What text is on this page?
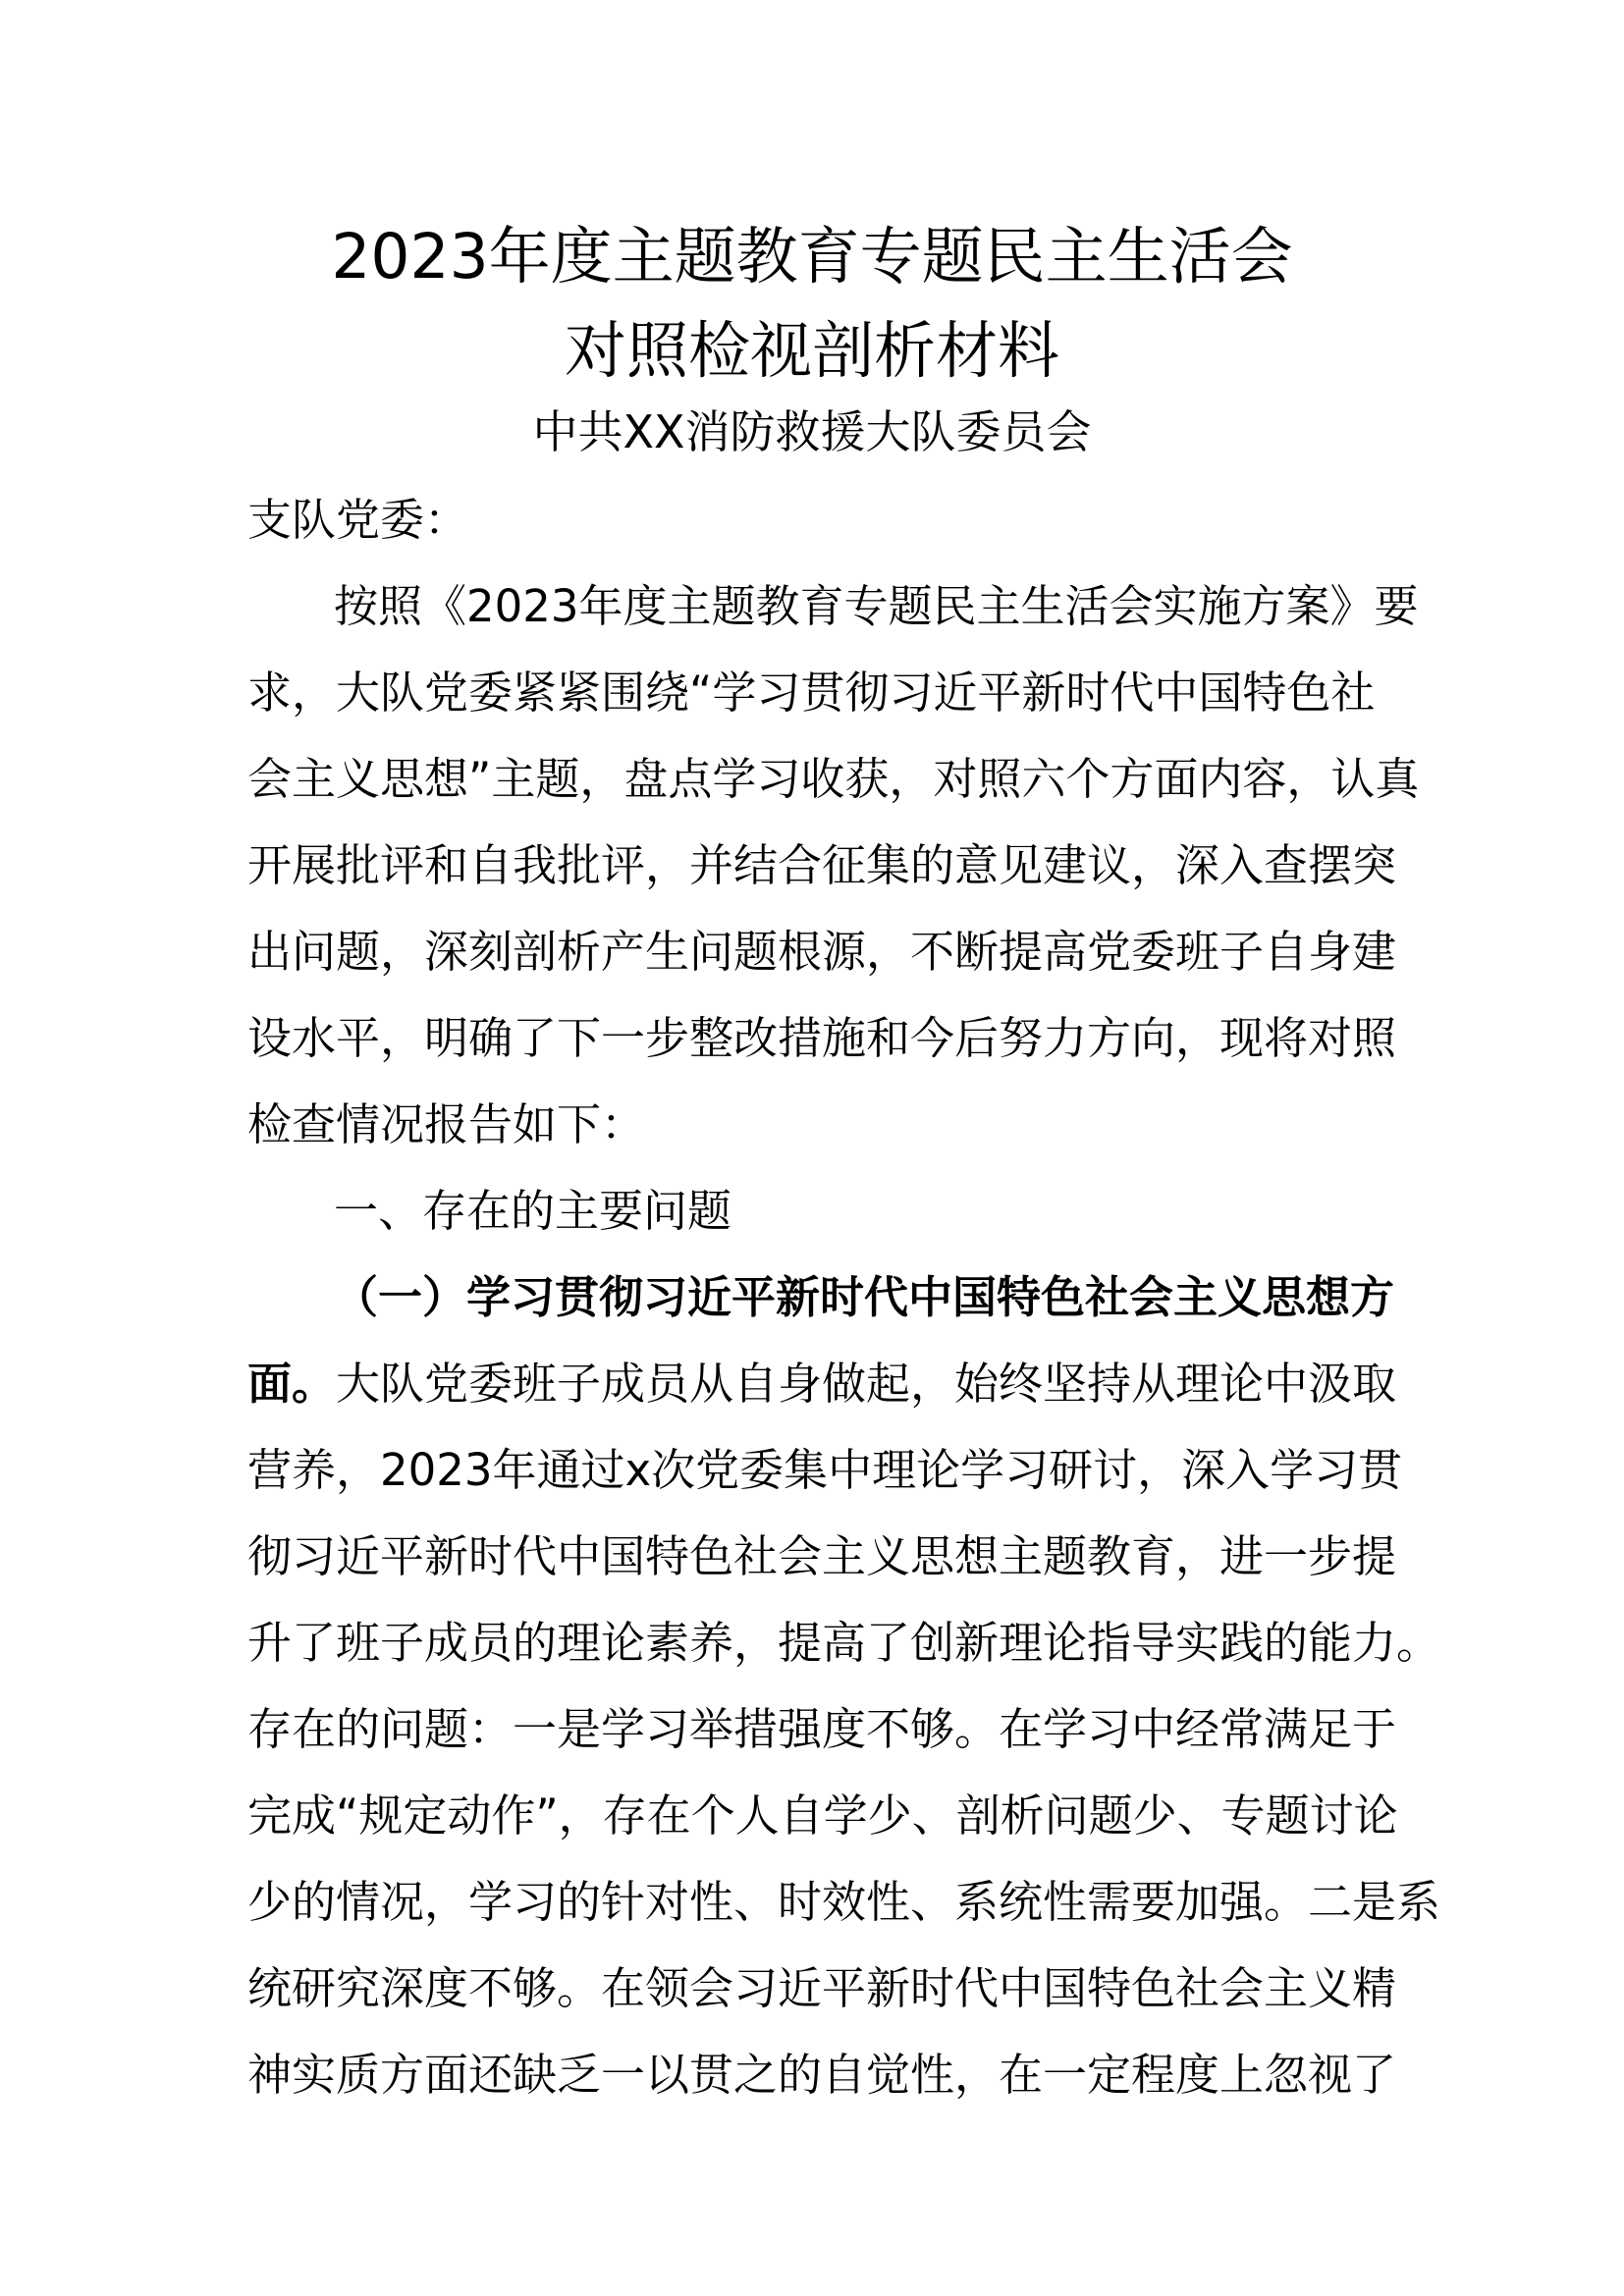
2023年度主题教育专题民主生活会
对照检视剖析材料
中共XX消防救援大队委员会
支队党委：
按照《2023年度主题教育专题民主生活会实施方案》要
求，大队党委紧紧围绕“学习贯彻习近平新时代中国特色社
会主义思想”主题，盘点学习收获，对照六个方面内容，认真
开展批评和自我批评，并结合征集的意见建议，深入查摆突
出问题，深刻剖析产生问题根源，不断提高党委班子自身建
设水平，明确了下一步整改措施和今后努力方向，现将对照
检查情况报告如下：
一、存在的主要问题
（一）学习贯彻习近平新时代中国特色社会主义思想方
面。大队党委班子成员从自身做起，始终坚持从理论中汲取
营养，2023年通过x次党委集中理论学习研讨，深入学习贯
彻习近平新时代中国特色社会主义思想主题教育，进一步提
升了班子成员的理论素养，提高了创新理论指导实践的能力。
存在的问题：一是学习举措强度不够。在学习中经常满足于
完成“规定动作”，存在个人自学少、剖析问题少、专题讨论
少的情况，学习的针对性、时效性、系统性需要加强。二是系
统研究深度不够。在领会习近平新时代中国特色社会主义精
神实质方面还缺乏一以贯之的自觉性，在一定程度上忽视了
